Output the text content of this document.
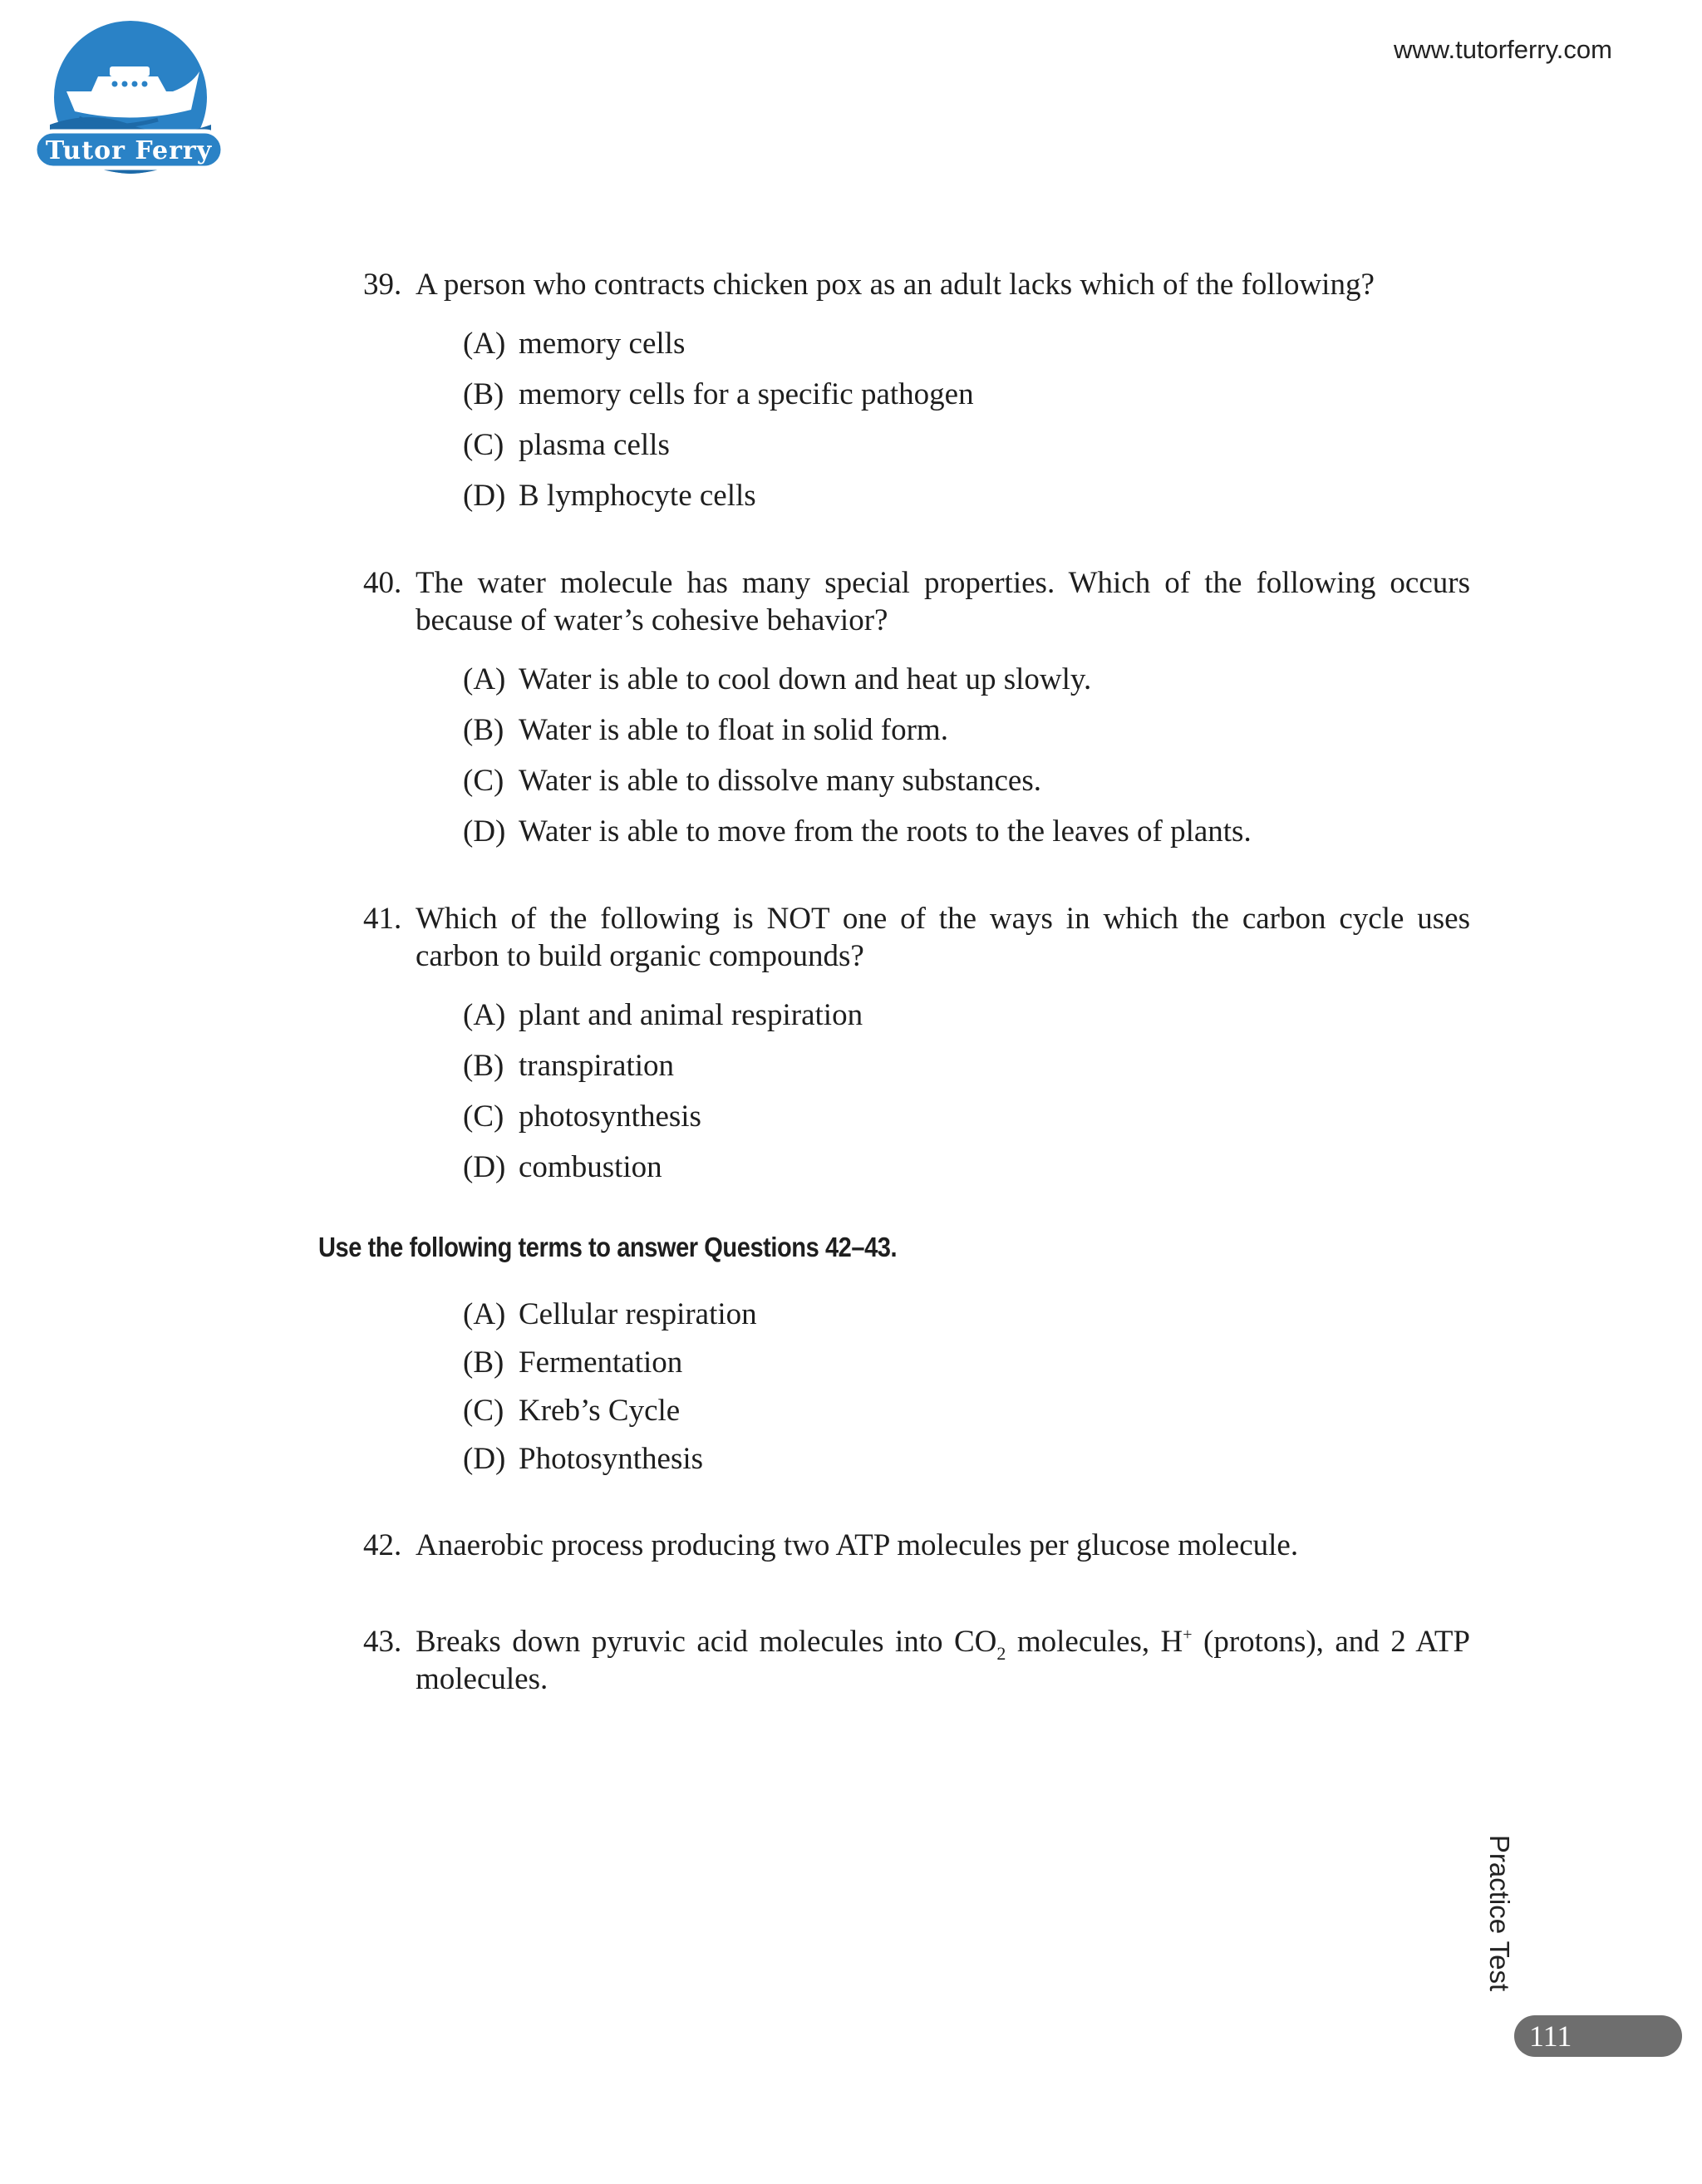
Tutor Ferry
www.tutorferry.com
39. A person who contracts chicken pox as an adult lacks which of the following?
(A) memory cells
(B) memory cells for a specific pathogen
(C) plasma cells
(D) B lymphocyte cells
40. The water molecule has many special properties. Which of the following occurs because of water’s cohesive behavior?
(A) Water is able to cool down and heat up slowly.
(B) Water is able to float in solid form.
(C) Water is able to dissolve many substances.
(D) Water is able to move from the roots to the leaves of plants.
41. Which of the following is NOT one of the ways in which the carbon cycle uses carbon to build organic compounds?
(A) plant and animal respiration
(B) transpiration
(C) photosynthesis
(D) combustion
Use the following terms to answer Questions 42–43.
(A) Cellular respiration
(B) Fermentation
(C) Kreb’s Cycle
(D) Photosynthesis
42. Anaerobic process producing two ATP molecules per glucose molecule.
43. Breaks down pyruvic acid molecules into $CO_2$ molecules, H+ (protons), and 2 ATP molecules.
Practice Test
111
